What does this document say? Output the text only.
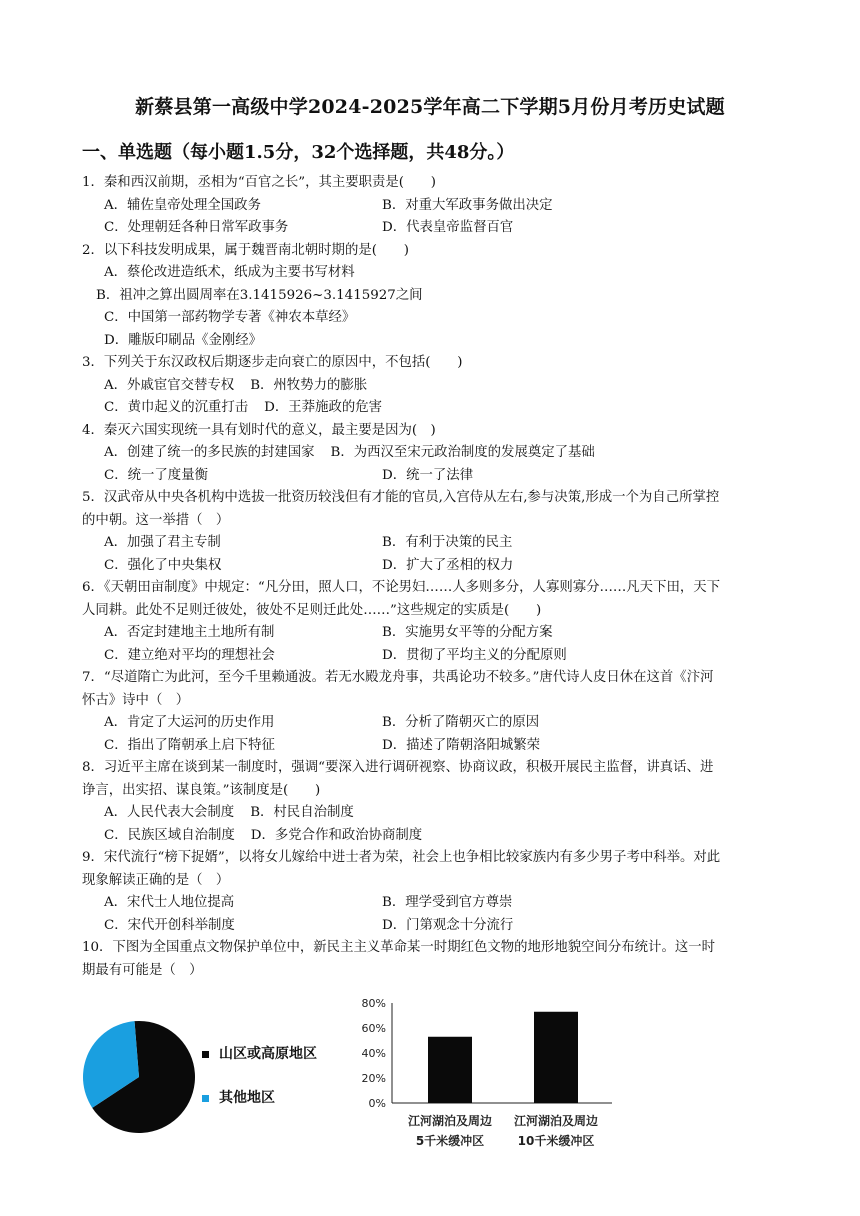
新蔡县第一高级中学2024-2025学年高二下学期5月份月考历史试题
一、单选题（每小题1.5分，32个选择题，共48分。）

1．秦和西汉前期，丞相为“百官之长”，其主要职责是(　　)

A．辅佐皇帝处理全国政务	B．对重大军政事务做出决定
C．处理朝廷各种日常军政事务	D．代表皇帝监督百官

2．以下科技发明成果，属于魏晋南北朝时期的是(　　)

A．蔡伦改进造纸术，纸成为主要书写材料
B．祖冲之算出圆周率在3.1415926~3.1415927之间
C．中国第一部药物学专著《神农本草经》
D．雕版印刷品《金刚经》

3．下列关于东汉政权后期逐步走向衰亡的原因中，不包括(　　)

A．外戚宦官交替专权 B．州牧势力的膨胀
C．黄巾起义的沉重打击 D．王莽施政的危害

4．秦灭六国实现统一具有划时代的意义，最主要是因为(　)

A．创建了统一的多民族的封建国家 B．为西汉至宋元政治制度的发展奠定了基础
C．统一了度量衡	D．统一了法律

5．汉武帝从中央各机构中选拔一批资历较浅但有才能的官员,入宫侍从左右,参与决策,形成一个为自己所掌控
的中朝。这一举措（　）

A．加强了君主专制	B．有利于决策的民主
C．强化了中央集权	D．扩大了丞相的权力

6．《天朝田亩制度》中规定：“凡分田，照人口，不论男妇……人多则多分，人寡则寡分……凡天下田，天下
人同耕。此处不足则迁彼处，彼处不足则迁此处……”这些规定的实质是(　　)

A．否定封建地主土地所有制	B．实施男女平等的分配方案
C．建立绝对平均的理想社会	D．贯彻了平均主义的分配原则

7．“尽道隋亡为此河，至今千里赖通波。若无水殿龙舟事，共禹论功不较多。”唐代诗人皮日休在这首《汴河
怀古》诗中（　）

A．肯定了大运河的历史作用	B．分析了隋朝灭亡的原因
C．指出了隋朝承上启下特征	D．描述了隋朝洛阳城繁荣

8．习近平主席在谈到某一制度时，强调“要深入进行调研视察、协商议政，积极开展民主监督，讲真话、进
诤言，出实招、谋良策。”该制度是(　　)

A．人民代表大会制度 B．村民自治制度
C．民族区域自治制度 D．多党合作和政治协商制度

9．宋代流行“榜下捉婿”，以将女儿嫁给中进士者为荣，社会上也争相比较家族内有多少男子考中科举。对此
现象解读正确的是（　）

A．宋代士人地位提高	B．理学受到官方尊崇
C．宋代开创科举制度	D．门第观念十分流行

10．下图为全国重点文物保护单位中，新民主主义革命某一时期红色文物的地形地貌空间分布统计。这一时
期最有可能是（　）

山区或高原地区
其他地区	0%
20%
40%
60%
80%
江河湖泊及周边
5千米缓冲区
江河湖泊及周边
10千米缓冲区
